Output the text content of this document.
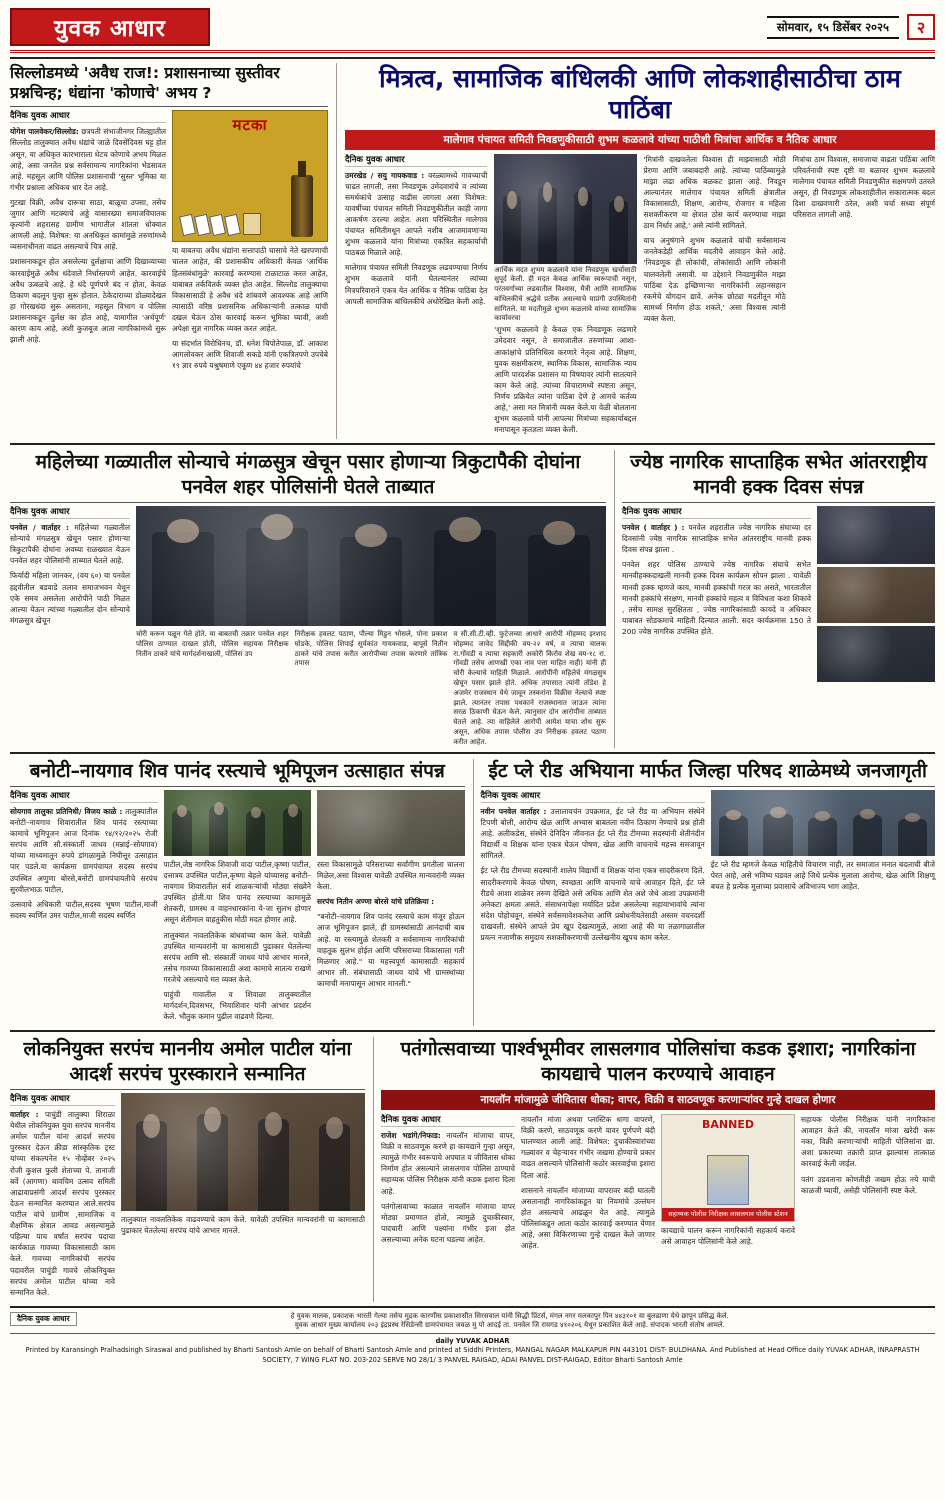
युवक आधार	सोमवार, १५ डिसेंबर २०२५	२
सिल्लोडमध्ये 'अवैध राज!: प्रशासनाच्या सुस्तीवर प्रश्नचिन्ह; धंद्यांना 'कोणाचे' अभय ?
दैनिक युवक आधार

योगेश पालवेकर/सिल्लोड: छत्रपती संभाजीनगर जिल्ह्यातील सिल्लोड तालुक्यात अवैध धंद्यांचे जाळे दिवसेंदिवस घट्ट होत असून, या अधिकृत कारभाराला थेटच कोणाचे अभय मिळत आहे, असा जनतेत प्रश्न सर्वसामान्य नागरिकांना भेडसावत आहे. महसूल आणि पोलिस प्रशासनाची 'सुस्त' भूमिका या गंभीर प्रश्नाला अधिकच धार देत आहे.

गुटखा विक्री, अवैध दारूचा साठा, बाळूचा उपसा, तसेच जुगार आणि मटक्याचे अड्डे यासारख्या समाजविघातक कृत्यांनी शहरासह ग्रामीण भागातील शांतता धोक्यात आणली आहे. विशेषत: या अनधिकृत कामांमुळे तरुणांमध्ये व्यसनाधीनता वाढत असल्याचे चित्र आहे.

प्रशासनाकडून होत असलेल्या दुर्लक्षाचा आणि दिखाव्याच्या कारवाईमुळे अवैध धंदेवाले निर्धास्तपणे आहेत. कारवाईचे अवैध ऊबळचे आहे. हे धंदे पूर्णपणे बंद न होता, केवळ ठिकाण बदलून पुन्हा सुरू होतात. ठेकेदाराच्या डोळ्यादेखत हा गोरखधंदा सुरू असताना, महसूल विभाग व पोलिस प्रशासनाकडून दुर्लक्ष का होत आहे, यामागील 'अर्थपूर्ण' कारण काय आहे, अशी कुजबूज आता नागरिकांमध्ये सुरू झाली आहे.

मटका

या बाबतचा अवैध धंद्यांना सत्तापाठी घासाचे नेते खरपणाची चालत आहेत, की प्रशासकीय अधिकारी केवळ 'आर्थिक हितसंबंधांमुळे' कारवाई करण्यास टाळाटाळ करत आहेत, याबाबत तर्कवितर्क व्यक्त होत आहेत. सिल्लोड तालुक्याचा विकासासाठी हे अवैध धंदे शांबवणे आवश्यक आहे आणि त्यासाठी वरिष्ठ प्रशासनिक अधिकाऱ्यांनी तत्काळ यांची दखल घेऊन ठोस कारवाई करून भूमिका घ्यावी, अशी अपेक्षा सुज्ञ नागरिक व्यक्त करत आहेत.

या संदर्भात विरोधिनच, डॉ. धनेश चिपोतेपाळ, डॉ. आकाश आगलोवकर आणि शिवाजी सकडे यांनी एकत्रितपणे उपचेबे १९ ज्ञार रुपये यश्रुषमाणे एकूण ४४ हजार रुपयांचे

मित्रत्व, सामाजिक बांधिलकी आणि लोकशाहीसाठीचा ठाम पाठिंबा
मालेगाव पंचायत समिती निवडणुकीसाठी शुभम कळलावे यांच्या पाठीशी मित्रांचा आर्थिक व नैतिक आधार
दैनिक युवक आधार

उमरखेड / सयु गायकवाड : वरळ्यामध्ये गावच्याची चाढत लागली, तसा निवडणूक उमेदवारांचे व त्यांच्या समर्थकांचे उत्साह वाढीस लागला असा विशेषत: यावर्षीच्या पंचायत समिती निवडणुकीतील काही जागा आकर्षण ठरल्या आहेत. अशा परिस्थितीत मालेगाव पंचायत समितीमधून आपले नशीब आजमावणाऱ्या शुभम कळलावे यांना मित्रांच्या एकत्रित सहकार्याची पाठबळ मिळाले आहे.

मालेगाव पंचायत समिती निवडणूक लढवण्याचा निर्णय शुभम कळलावे यांनी घेतल्यानंतर त्यांच्या मित्रपरिवाराने एकत्र येत आर्थिक व नैतिक पाठिंबा देत आपली सामाजिक बांधिलकीचे अधोरेखित केली आहे.

आर्थिक मदत शुभम कळलावे यांना निवडणूक खर्चासाठी सुपूर्द केली. ही मदत केवळ आर्थिक स्वरूपाची नसून, परंतवर्गाच्या लढवातील विश्वास, मैत्री आणि सामाजिक बांधिलकीचे श्रद्धेचे प्रतीक असल्याचे याप्रंगी उपस्थितांनी सांगितले. या मदतीमुळे शुभम कळलावे यांच्या सामाजिक कार्यावरचा

'शुभम कळलावे हे केवळ एक निवडणूक लढणारे उमेदवार नसून, ते समाजातील तरुणांच्या आशा-आकांक्षांचे प्रतिनिधित्व करणारे नेतृत्व आहे. शिक्षण, युवक सक्षमीकरण, स्थानिक विकास, सामाजिक न्याय आणि पारदर्शक प्रशासन या विषयावर त्यांनी सातत्याने काम केले आहे. त्यांच्या विचारामध्ये स्पष्टता असून, निर्णय प्रक्रियेत त्यांना पाठिंबा देणे हे आमचे कर्तव्य आहे,' असा मत मित्रांनी व्यक्त केले.या वेळी बोलताना शुभम कळलावे यांनी आपल्या मित्रांच्या सहकार्याबद्दल मनापासून कृतज्ञता व्यक्त केली.

'मित्रांनी दाखवलेला विश्वास ही माझ्यासाठी मोठी प्रेरणा आणि जबाबदारी आहे. त्यांच्या पाठिंब्यामुळे माझा लढा अधिक बळकट झाला आहे. निवडून आल्यानंतर मालेगाव पंचायत समिती क्षेत्रातील विकासासाठी, शिक्षण, आरोग्य, रोजगार व महिला सशक्तीकरण या क्षेत्रात ठोस कार्य करण्याचा माझा ठाम निर्धार आहे,' असे त्यांनी सांगितले.

याच अनुषंगाने शुभम कळलावे यांची सर्वसामान्य जनतेकडेही आर्थिक मदतीचे आवाहन केले आहे. 'निवडणूक ही लोकांची, लोकांसाठी आणि लोकांनी चालवलेली असावी. या उद्देशाने निवडणुकीत माझा पाठिंबा देऊ इच्छिणाऱ्या नागरिकांनी लहानसहान रकमेचे योगदान द्यावे. अनेक छोट्या मदतीतून मोठे सामर्थ्य निर्माण होऊ शकते,' असा विश्वास त्यांनी व्यक्त केला.

मित्रांचा ठाम विश्वास, समाजाचा वाढता पाठिंबा आणि परिवर्तनाची स्पष्ट दृष्टी या बळावर शुभम कळलावे मालेगाव पंचायत समिती निवडणुकीत सक्षमपणे उतरले असून, ही निवडणूक लोकशाहीतील सकारात्मक बदल दिशा दाखवणारी ठरेल, अशी चर्चा सध्या संपूर्ण परिसरात लागली आहे.

महिलेच्या गळ्यातील सोन्याचे मंगळसुत्र खेचून पसार होणाऱ्या त्रिकुटापैकी दोघांना पनवेल शहर पोलिसांनी घेतले ताब्यात
दैनिक युवक आधार

पनवेल / वार्ताहर : महिलेच्या गळ्यातील सोन्याचे मंगळसुत्र खेचून पसार होणाऱ्या त्रिकुटापैकी दोघांना अवघ्या राळख्यात येऊन पनवेल शहर पोलिसांनी ताब्यात घेतले आहे.

फिर्यादी महिला जानकर, (वय ६०) या पनवेल हद्दवीतील बडवाडे तलाव समाजभवन येथून एके समय असलेला आरोपीने पाठी मिळत आल्या येऊन त्यांच्या गळ्यातील दोन सोन्याचे मंगळसुत्र खेचून

चोरी करून पळून गेले होते. या बाबतची तक्रार पनवेल शहर पोलिस ठाण्यात दाखल होती, पोलिस सहायक निरीक्षक नितीन ठाकरे यांचे मार्गदर्शनाखाली, पोलिस उप
निरीक्षक हवलट पठाण, पौल्या मिडुन भोसले, पोना प्रकाश घोडके, पोलिस शिपाई सूर्यकांत गायकवाड, बापूसे नितीन ठाकरे यांचे तपास करीत आरोपींच्या तपास करणारे तांत्रिक तपास
व सी.सी.टी.व्ही. फुटेजच्या आधारे आरोपी मोहम्मद इरशाद मोहम्मद जावेद सिद्दीकी वय-२२ वर्ष, व त्याचा चालक रा.गोंवडी व त्याचा सहकारी अकोरी किरोव शेख वय-१८ रा. गोंवडी तसेच आणखी एका नाव पत्ता माहित नाही) यांनी ही चोरी केल्याचे माहिती मिळाले. आरोपींनी महिलेचे मंगळसुत्र खेचून पसार झाले होते. अधिक तपासात त्यांनी तोंडेश हे अजमेर राजस्थान येथे जावून तस्करांना विक्रीस नेल्याचे स्पष्ट झाले. त्यानंतर तपास पथकाने राजस्थानात जाऊन त्यांना सरळ ठिकाणी घेऊन केले. त्यानुसार दोन आरोपींना ताब्यात घेतले आहे. त्या वाहिलेले आरोपी आयेश याचा शोध सुरू असून, अधिक तपास पोलीस उप निरीक्षक हवलट पठाण करीत आहेत.
ज्येष्ठ नागरिक साप्ताहिक सभेत आंतरराष्ट्रीय मानवी हक्क दिवस संपन्न
दैनिक युवक आधार

पनवेल ( वार्ताहर ) : पनवेल शहरातील ज्येष्ठ नागरिक संघाच्या दर दिवसांनी ज्येष्ठ नागरिक साप्ताहिक सभेत आंतरराष्ट्रीय मानवी हक्क दिवस संपन्न झाला .

पनवेल शहर पोलिस ठाण्याचे ज्येष्ठ नागरिक संघाचे सभेत मानवीहक्कदाखली मानवी हक्क दिवस कार्यक्रम सोपन झाला . यावेळी मानवी हक्क म्हणजे काय, मानवी हक्कांची गरज का असते, भारतातील मानवी हक्कांचे संरक्षण, मानवी हक्कांचे महत्व व विविधता कशा शिकावे , तसेच सामक्ष सुरक्षितता , ज्येष्ठ नागरिकांसाठी कायदे व अधिकार याबाबत सोडकमाचे माहिती दिल्यात आली. सदर कार्यक्रमास 150 ते 200 ज्येष्ठ नागरिक उपस्थित होते.

बनोटी–नायगाव शिव पानंद रस्त्याचे भूमिपूजन उत्साहात संपन्न
दैनिक युवक आधार

सोयगाव तालुका प्रतिनिधी/ विजय काळे : तालुक्यातील बनोटी–नायगाव शिवारातील शिव पानंद रस्त्याच्या कामाचे भूमिपूजन आज दिनांक १४/१२/२०२५ रोजी सरपंच आणि सौ.संस्कार्ती जाधव (मन्नाई–सोयगाव) यांच्या माध्यमातून रुपये डांगळामुळे निघीत्तूर उत्साहात पार पडले.या कार्यक्रमा ग्रामपंचायत सदस्य सरपंच उपस्थित अणुणा बोरसे,बनोटी ग्रामपंचायतीचे सरपंच सुरवीलभाऊ पाटील,

उत्सवाचे अधिकारी पाटील,सदस्य भूषण पाटील,माजी सदस्य स्वर्णित उमर पाटील,माजी सदस्य स्वर्णित

पाटील,जेष्ठ नागरिक शिवाजी वादा पाटील,कृष्णा पाटील, दत्तात्रय उपस्थित पाटील,कृष्णा बेहले यांच्यासह बनोटी–नायगाव शिवारातील सर्व शाळकऱ्यांची मोठ्या संख्येने उपस्थित होती.या शिव पानंद रस्त्याच्या कामामुळे शेतकरी, ग्रामस्थ व वाहनधारकांना ये-जा सुलभ होणार असून शेतीमाल वाहतुकीस मोठी मदत होणार आहे.

तालुक्यात नावलतिकेक बांधवांच्या काम केले. यावेळी उपस्थित मान्यवरांनी या कामासाठी पुढाकार घेतलेल्या सरपंच आणि सौ. संस्कार्ती जाधव यांचे आभार मानले, तसेच गावच्या विकासासाठी अशा कामाचे सातत्य राखणे गरजेचे असल्याचे मत व्यक्त केले.

पाहुंची गावातील व शिवाळा तालुक्यातील मार्गदर्शन,दिवसभर, भियाशिवार यांनी आभार प्रदर्शन केले. भौतुक कमान पुढील वाढवणे दिल्या.

रस्ता विकासामुळे परिसराच्या सर्वांगीण प्रगतीला चालना मिळेल,असा विश्वास यावेळी उपस्थित मान्यवरांनी व्यक्त केला.

सरपंच नितीन अण्णा बोरसे यांचे प्रतिक्रिया :

"बनोटी–नायगाव शिव पानंद रस्त्याचे काम मंजूर होऊन आज भूमिपूजन झाले, ही ग्रामस्थांसाठी आनंदाची बाब आहे. या रस्त्यामुळे शेतकरी व सर्वसामान्य नागरिकांची वाहतूक सुलभ होईल आणि परिसराच्या विकासाला गती मिळणार आहे." या महत्त्वपूर्ण कामासाठी सहकार्य आभार ली. संबंधासाठी जाधव यांचे भी ग्रामस्थांच्या कामाची मनापासून आभार मानली."

ईट प्ले रीड अभियाना मार्फत जिल्हा परिषद शाळेमध्ये जनजागृती
दैनिक युवक आधार

नवीन पनवेल वार्ताहर : उत्तालायचंन उपक्रमात, ईट प्ले रीड या अभियान संस्थेने टिपणी बोली, आरोग्य खेळ आणि अभ्यास बाबतला नवीन ठिकाण नेण्याचे प्रश्न होती आहे. अलीकडेस, संस्थेने देनिदिन जीवनात ईट प्ले रीड टीमच्या सदस्यांनी शेतीनंदीन विद्यार्थी व शिक्षक यांना एकत्र घेऊन पोषण, खेळ आणि वाचनाचे महत्त्व समजावून सांगितले.

ईट प्ले रीड टीमच्या सदस्यांनी शालेय विद्यार्थी व शिक्षक यांना एकत्र सादरीकरण दिले. सादरीकरणाचे केवळ पोषण, स्वच्छता आणि वाचनाचे याचे आवाहन दिले, ईट प्ले रीडचे आशा शाळेवर तरुण देखिते असे अधिक आणि शेत अशे जेथे आशा उपक्रमांनी अनेकटा क्षमता असते. संसाधनापेक्षा मर्यादित प्रदेश असलेल्या सहायाभावांचे त्यांना संदेश पोहोचवून, संस्थेने सर्वसमावेशकतेचा आणि प्रबोधनीयतेसाठी अस्तम वचनदर्शी दाखवली. संस्थेने आपले प्रेय खूप देखत्यामुळे, आशा आहे की या तळागाळातील प्रयत्न नजाणीक समुदाय सशक्तीकरणाची उल्लेखनीय खूपच काम करेल.

ईट प्ले रीड म्हणजे केवळ माहितीचे विचारण नाही, तर समाजात मनात बदलाची बीजे पेरत आहे, असे भविष्य घडवत आहे जिथे प्रत्येक मुलाला आरोग्य, खेळ आणि शिक्षणू बचत हे प्रत्येक मुलाच्या प्रवासाचे अविभाज्य भाग आहेत.

लोकनियुक्त सरपंच माननीय अमोल पाटील यांना आदर्श सरपंच पुरस्काराने सन्मानित
दैनिक युवक आधार

वार्ताहर : पाचुंडी तालुक्या शिराळा येथील लोकनियुक्त युवा सरपंच माननीय अमोल पाटील यांना आदर्श सरपंच पुरस्कार देऊन क्रीडा सांस्कृतिक ट्रस्ट यांच्या संकल्पनेत १५ नोव्हेंबर २०२५ रोजी कुशल फुली शेताच्या पे. तानाजी बर्वे (आगणा) बावचिम उत्सव समिती आढावाप्रसंगी आदर्श सरपंच पुरस्कार देऊन सन्मानित करण्यात आले.सरपंच पाटील यांचे ग्रामीण ,सामाजिक व शैक्षणिक क्षेत्रात आवड असल्यामुळे पहिल्या पाच वर्षांत सरपंच पदाचा कार्यकाळ गावच्या विकासासाठी काम केले. गावच्या नागरिकांची सरपंच पदावरील पाचुंडी गावचे लोकनियुक्त सरपंच अमोल पाटील यांच्या नावे सन्मानित केले.

तालुक्यात नावलतिकेक वाढवण्याचे काम केले. यावेळी उपस्थित मान्यवरांनी या कामासाठी पुढाकार घेतलेल्या सरपंच यांचे आभार मानले.

पतंगोत्सवाच्या पार्श्वभूमीवर लासलगाव पोलिसांचा कडक इशारा; नागरिकांना कायद्याचे पालन करण्याचे आवाहन
नायलॉन मांजामुळे जीवितास धोका; वापर, विक्री व साठवणूक करणाऱ्यांवर गुन्हे दाखल होणार
दैनिक युवक आधार

राजेश भडांगे/निफाड: नायलॉन मांजाचा वापर, विक्री व साठवणूक करणे हा कायद्याने गुन्हा असून, त्यामुळे गंभीर स्वरूपाचे अपघात व जीवितास धोका निर्माण होत असल्याने लासलगाव पोलिस ठाण्याचे सहाय्यक पोलिस निरीक्षक यांनी कडक इशारा दिला आहे.

पतंगोत्सवाच्या काळात नायलॉन मांजाचा वापर मोठ्या प्रमाणात होतो, त्यामुळे दुचाकीस्वार, पादचारी आणि पक्ष्यांना गंभीर इजा होत असल्याच्या अनेक घटना घडल्या आहेत.

नायलॉन मांजा अथवा प्लास्टिक धागा वापरणे, विक्री करणे, साठवणूक करणे यावर पूर्णपणे बंदी घालण्यात आली आहे. विशेषत: दुचाकीस्वारांच्या गळ्यावर व चेहऱ्यावर गंभीर जखमा होण्याचे प्रकार वाढत असल्याने पोलिसांनी कठोर कारवाईचा इशारा दिला आहे.

शासनाने नायलॉन मांजाच्या वापरावर बंदी घातली असतानाही नागरिकांकडून या नियमांचे उल्लंघन होत असल्याचे आढळून येत आहे. त्यामुळे पोलिसांकडून आता कठोर कारवाई करण्यात येणार आहे, असा विकिरणाच्या गुन्हे दाखल केले जाणार आहेत.

BANNED
सहाय्यक पोलीस निरीक्षक लासलगाव पोलीस स्टेशन

कायद्याचे पालन करून नागरिकांनी सहकार्य करावे असे आवाहन पोलिसांनी केले आहे.

सहायक पोलीस निरीक्षक यांनी नागरिकांना आवाहन केले की, नायलॉन मांजा खरेदी करू नका, विक्री करणाऱ्यांची माहिती पोलिसांना द्या. अशा प्रकारच्या तक्रारी प्राप्त झाल्यास तात्काळ कारवाई केली जाईल.

पतंग उडवताना कोणतीही जखम होऊ नये याची काळजी घ्यावी, असेही पोलिसांनी स्पष्ट केले.

दैनिक युवक आधार	हे युवक मालक, प्रकाशक भारती गेल्या तसेच मुद्रक कारणीस प्रकाशासीत सिरसवाल यांनी सिद्धी प्रिंटर्स, मंगल नगर मलकापुर पिन ४४३१०१ या बुलढाणा येथे छापून प्रसिद्ध केले.
युवक आधार मुख्य कार्यालय २०३ इंद्रप्रस्थ रेसिडेन्सी ग्रामपंचायत जवळ मु पो आदई ता. पनवेल जि रायगड ४१०२०६ येथून प्रकाशित केले आहे. संपादक भारती संतोष आमले.
daily YUVAK ADHAR
Printed by Karansingh Pralhadsingh Siraswal and published by Bharti Santosh Amle on behalf of Bharti Santosh Amle and printed at Siddhi Printers, MANGAL NAGAR MALKAPUR PIN 443101 DIST- BULDHANA. And Published at Head Office daily YUVAK ADHAR, INRAPRASTH SOCIETY, 7 WING FLAT NO. 203-202 SERVE NO 28/1/ 3 PANVEL RAIGAD, ADAI PANVEL DIST-RAIGAD, Editor Bharti Santosh Amle
